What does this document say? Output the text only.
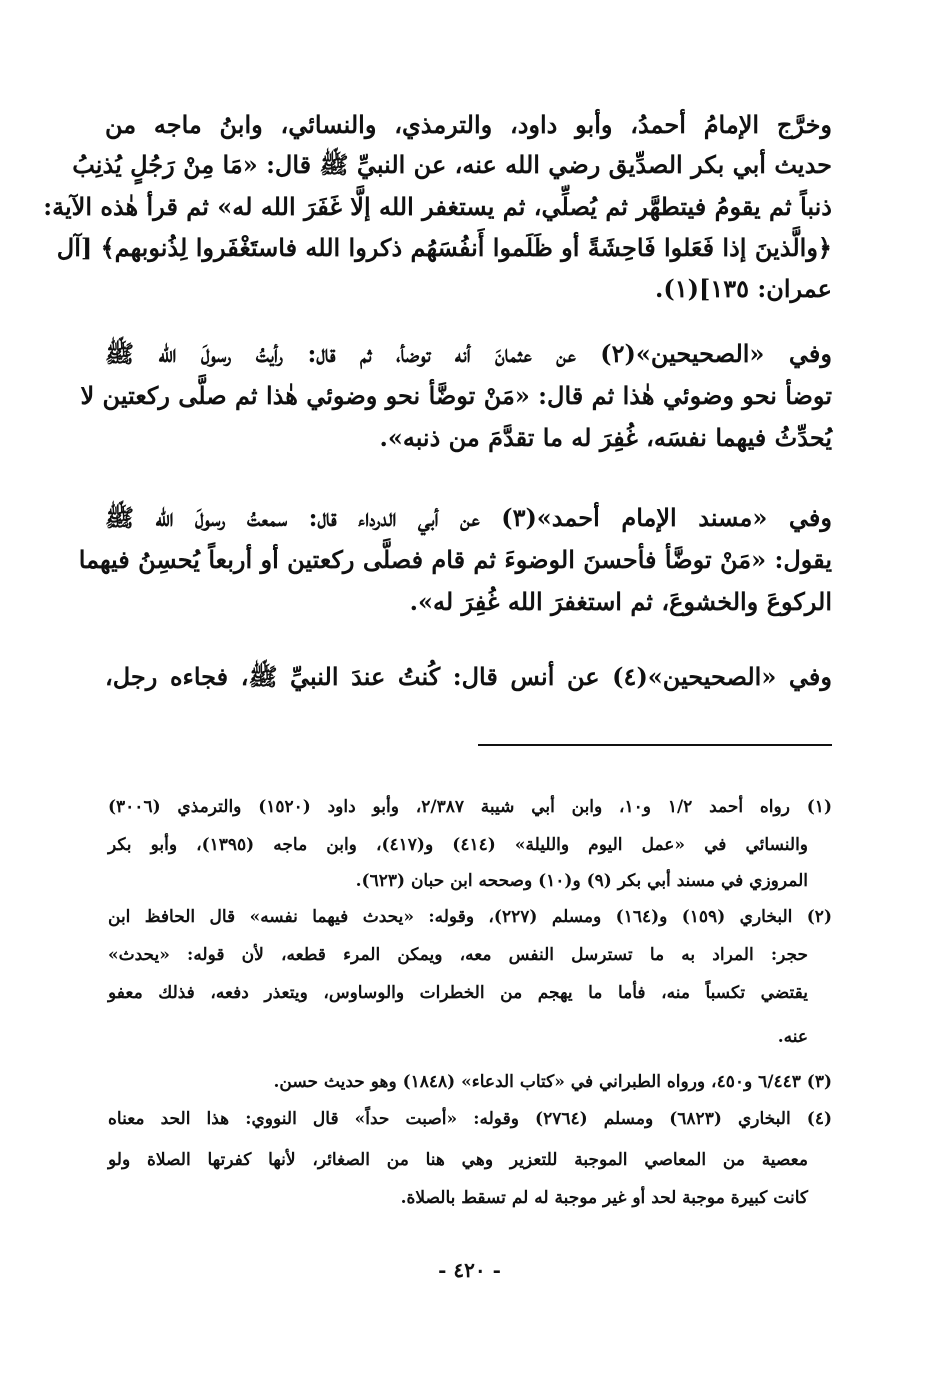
وخرَّج الإمامُ أحمدُ، وأبو داود، والترمذي، والنسائي، وابنُ ماجه من
حديث أبي بكر الصدِّيق رضي الله عنه، عن النبيِّ ﷺ قال: «مَا مِنْ رَجُلٍ يُذنِبُ
ذنباً ثم يقومُ فيتطهَّر ثم يُصلِّي، ثم يستغفر الله إلَّا غَفَرَ الله له» ثم قرأ هٰذه الآية:
﴿والَّذينَ إذا فَعَلوا فَاحِشَةً أو ظَلَموا أَنفُسَهُم ذكروا الله فاستَغْفَروا لِذُنوبهم﴾ [آل
عمران: ١٣٥](١).
وفي «الصحيحين»(٢) عن عثمانَ أنه توضأ، ثم قال: رأيتُ رسولَ الله ﷺ
توضأ نحو وضوئي هٰذا ثم قال: «مَنْ توضَّأ نحو وضوئي هٰذا ثم صلَّى ركعتين لا
يُحدِّثُ فيهما نفسَه، غُفِرَ له ما تقدَّمَ من ذنبه».
وفي «مسند الإمام أحمد»(٣) عن أبي الدرداء قال: سمعتُ رسولَ الله ﷺ
يقول: «مَنْ توضَّأ فأحسنَ الوضوءَ ثم قام فصلَّى ركعتين أو أربعاً يُحسِنُ فيهما
الركوعَ والخشوعَ، ثم استغفرَ الله غُفِرَ له».
وفي «الصحيحين»(٤) عن أنس قال: كُنتُ عندَ النبيِّ ﷺ، فجاءه رجل،
(١) رواه أحمد ١/٢ و١٠، وابن أبي شيبة ٢/٣٨٧، وأبو داود (١٥٢٠) والترمذي (٣٠٠٦)
والنسائي في «عمل اليوم والليلة» (٤١٤) و(٤١٧)، وابن ماجه (١٣٩٥)، وأبو بكر
المروزي في مسند أبي بكر (٩) و(١٠) وصححه ابن حبان (٦٢٣).
(٢) البخاري (١٥٩) و(١٦٤) ومسلم (٢٢٧)، وقوله: «يحدث فيهما نفسه» قال الحافظ ابن
حجر: المراد به ما تسترسل النفس معه، ويمكن المرء قطعه، لأن قوله: «يحدث»
يقتضي تكسباً منه، فأما ما يهجم من الخطرات والوساوس، ويتعذر دفعه، فذلك معفو
عنه.
(٣) ٦/٤٤٣ و٤٥٠، ورواه الطبراني في «كتاب الدعاء» (١٨٤٨) وهو حديث حسن.
(٤) البخاري (٦٨٢٣) ومسلم (٢٧٦٤) وقوله: «أصبت حداً» قال النووي: هذا الحد معناه
معصية من المعاصي الموجبة للتعزير وهي هنا من الصغائر، لأنها كفرتها الصلاة ولو
كانت كبيرة موجبة لحد أو غير موجبة له لم تسقط بالصلاة.
- ٤٢٠ -
